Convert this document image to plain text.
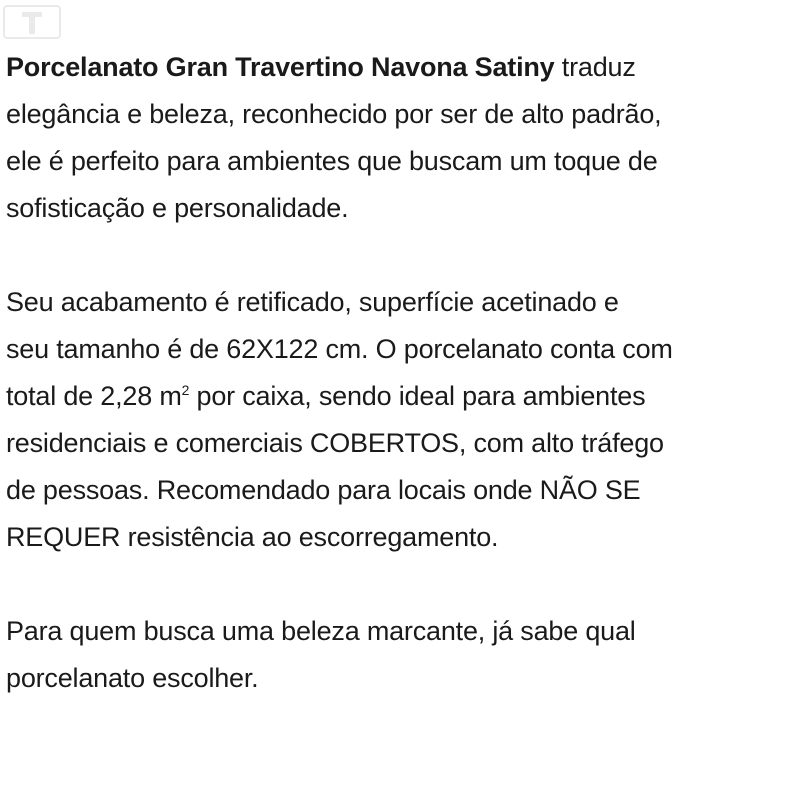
Porcelanato Gran Travertino Navona Satiny traduz
elegância e beleza, reconhecido por ser de alto padrão,
ele é perfeito para ambientes que buscam um toque de
sofisticação e personalidade.
Seu acabamento é retificado, superfície acetinado e
seu tamanho é de 62X122 cm. O porcelanato conta com
total de 2,28 $m^2$ por caixa, sendo ideal para ambientes
residenciais e comerciais COBERTOS, com alto tráfego
de pessoas. Recomendado para locais onde NÃO SE
REQUER resistência ao escorregamento.
Para quem busca uma beleza marcante, já sabe qual
porcelanato escolher.
